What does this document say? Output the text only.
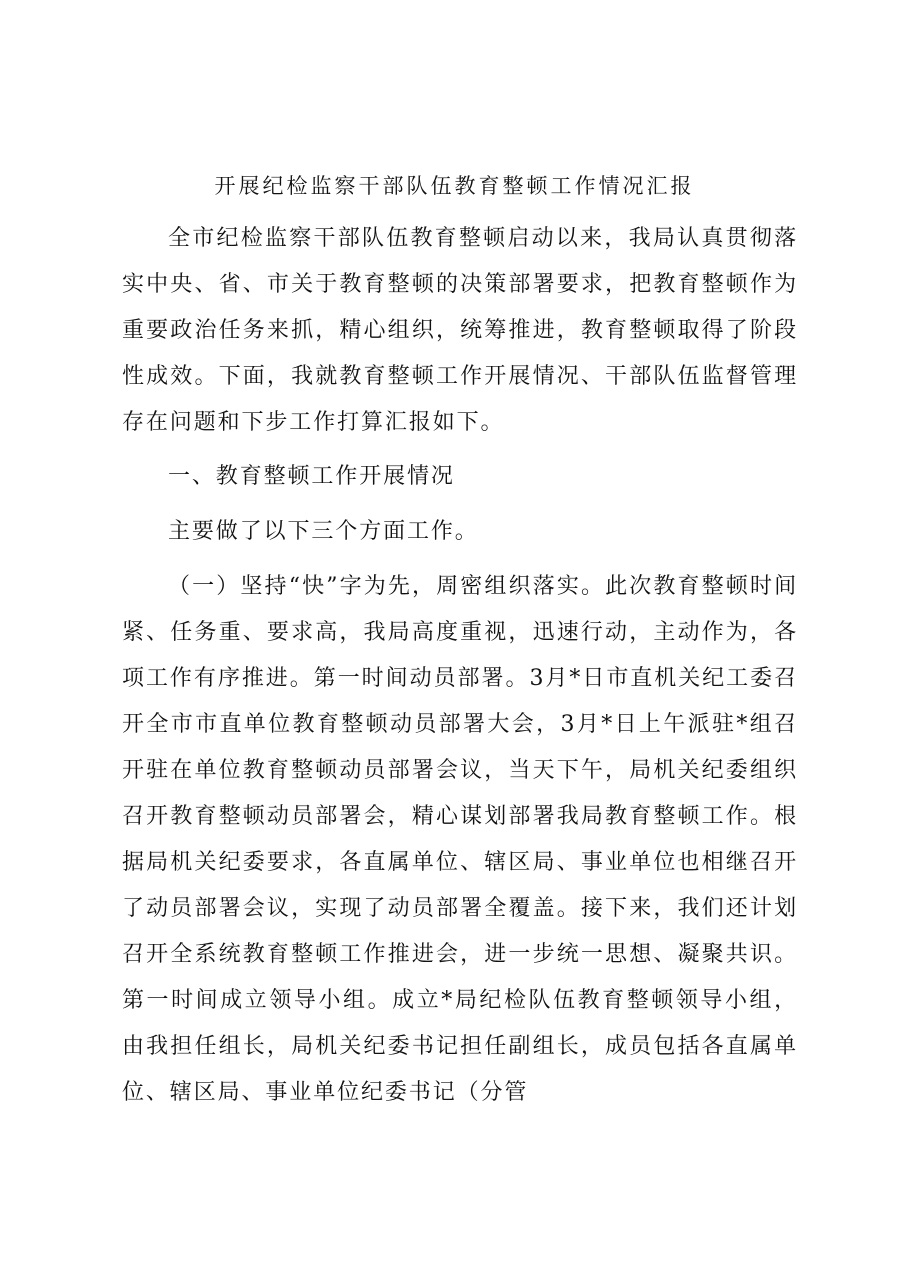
开展纪检监察干部队伍教育整顿工作情况汇报

全市纪检监察干部队伍教育整顿启动以来，我局认真贯彻落实中央、省、市关于教育整顿的决策部署要求，把教育整顿作为重要政治任务来抓，精心组织，统筹推进，教育整顿取得了阶段性成效。下面，我就教育整顿工作开展情况、干部队伍监督管理存在问题和下步工作打算汇报如下。

一、教育整顿工作开展情况

主要做了以下三个方面工作。

（一）坚持“快”字为先，周密组织落实。此次教育整顿时间紧、任务重、要求高，我局高度重视，迅速行动，主动作为，各项工作有序推进。第一时间动员部署。3月*日市直机关纪工委召开全市市直单位教育整顿动员部署大会，3月*日上午派驻*组召开驻在单位教育整顿动员部署会议，当天下午，局机关纪委组织召开教育整顿动员部署会，精心谋划部署我局教育整顿工作。根据局机关纪委要求，各直属单位、辖区局、事业单位也相继召开了动员部署会议，实现了动员部署全覆盖。接下来，我们还计划召开全系统教育整顿工作推进会，进一步统一思想、凝聚共识。第一时间成立领导小组。成立*局纪检队伍教育整顿领导小组，由我担任组长，局机关纪委书记担任副组长，成员包括各直属单位、辖区局、事业单位纪委书记（分管
